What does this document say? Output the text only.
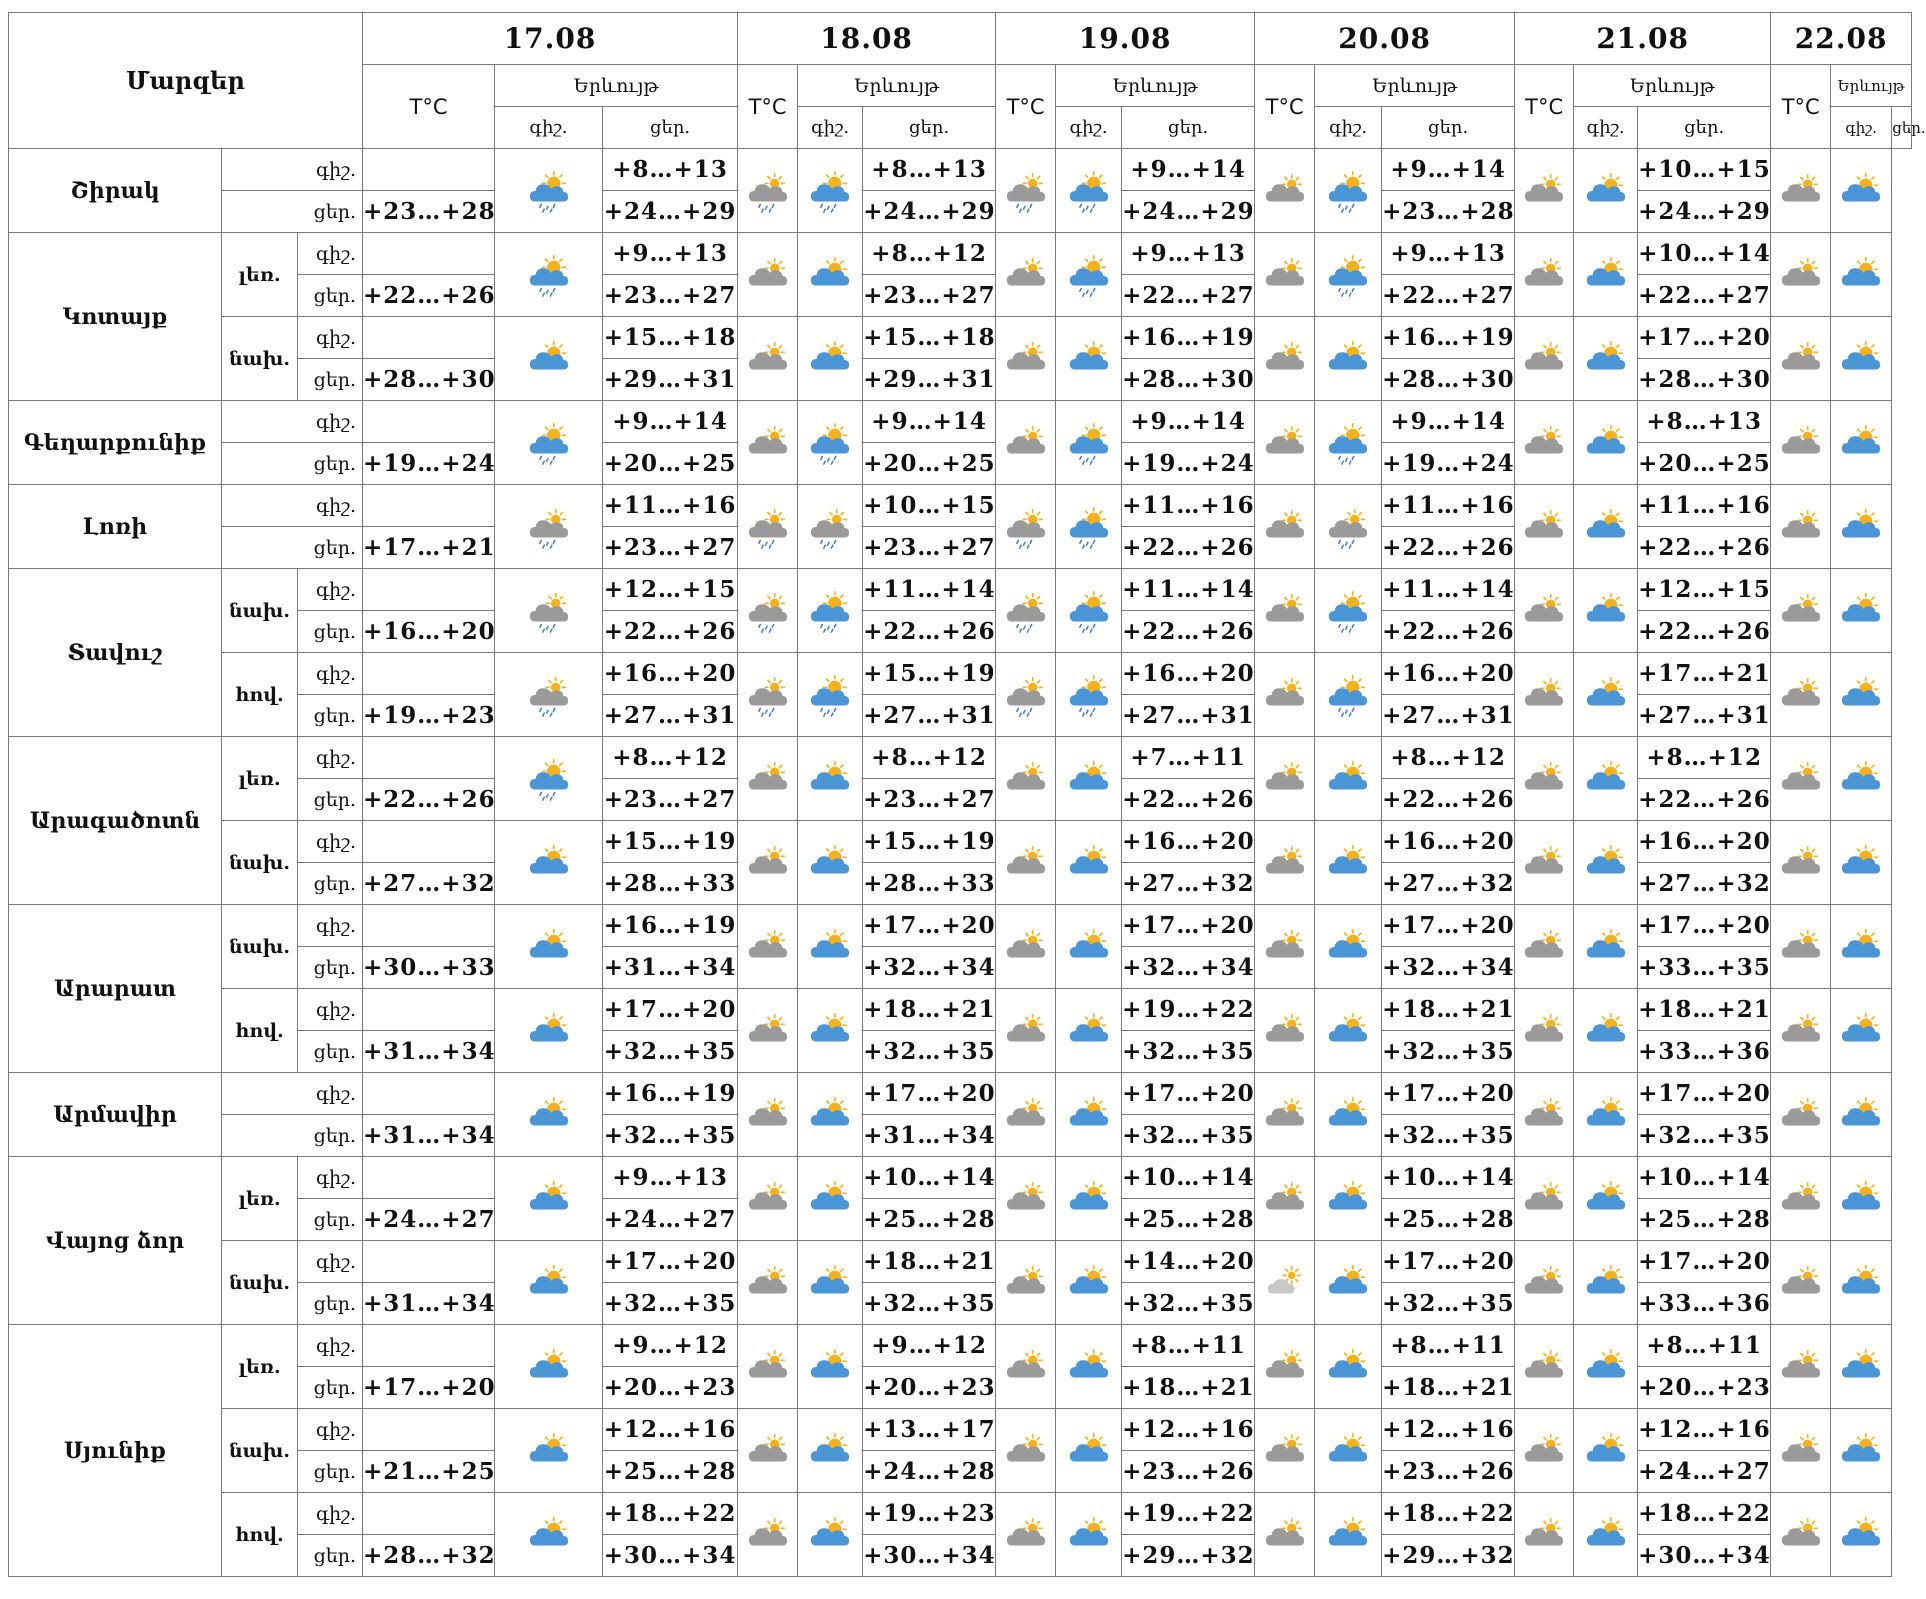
Մարզեր			17.08			18.08			19.08			20.08			21.08			22.08		
			T°C	Երևույթ		T°C	Երևույթ		T°C	Երևույթ		T°C	Երևույթ		T°C	Երևույթ		T°C	Երևույթ	
				գիշ.	ցեր.		գիշ.	ցեր.		գիշ.	ցեր.		գիշ.	ցեր.		գիշ.	ցեր.		գիշ.	ցեր.
Շիրակ	գիշ.				+8…+13			+8…+13			+9…+14			+9…+14			+10…+15	

	ցեր.		+23…+28		+24…+29			+24…+29			+24…+29			+23…+28			+24…+29			
Կոտայք	լեռ.	գիշ.			+9…+13			+8…+12			+9…+13			+9…+13			+10…+14	

		ցեր.	+22…+26		+23…+27			+23…+27			+22…+27			+22…+27			+22…+27			
	նախ.	գիշ.			+15…+18			+15…+18			+16…+19			+16…+19			+17…+20	

		ցեր.	+28…+30		+29…+31			+29…+31			+28…+30			+28…+30			+28…+30			
Գեղարքունիք	գիշ.				+9…+14			+9…+14			+9…+14			+9…+14			+8…+13	

	ցեր.		+19…+24		+20…+25			+20…+25			+19…+24			+19…+24			+20…+25			
Լոռի	գիշ.				+11…+16			+10…+15			+11…+16			+11…+16			+11…+16	

	ցեր.		+17…+21		+23…+27			+23…+27			+22…+26			+22…+26			+22…+26			
Տավուշ	նախ.	գիշ.			+12…+15			+11…+14			+11…+14			+11…+14			+12…+15	

		ցեր.	+16…+20		+22…+26			+22…+26			+22…+26			+22…+26			+22…+26			
	հով.	գիշ.			+16…+20			+15…+19			+16…+20			+16…+20			+17…+21	

		ցեր.	+19…+23		+27…+31			+27…+31			+27…+31			+27…+31			+27…+31			
Արագածոտն	լեռ.	գիշ.			+8…+12			+8…+12			+7…+11			+8…+12			+8…+12	

		ցեր.	+22…+26		+23…+27			+23…+27			+22…+26			+22…+26			+22…+26			
	նախ.	գիշ.			+15…+19			+15…+19			+16…+20			+16…+20			+16…+20	

		ցեր.	+27…+32		+28…+33			+28…+33			+27…+32			+27…+32			+27…+32			
Արարատ	նախ.	գիշ.			+16…+19			+17…+20			+17…+20			+17…+20			+17…+20	

		ցեր.	+30…+33		+31…+34			+32…+34			+32…+34			+32…+34			+33…+35			
	հով.	գիշ.			+17…+20			+18…+21			+19…+22			+18…+21			+18…+21	

		ցեր.	+31…+34		+32…+35			+32…+35			+32…+35			+32…+35			+33…+36			
Արմավիր	գիշ.				+16…+19			+17…+20			+17…+20			+17…+20			+17…+20	

	ցեր.		+31…+34		+32…+35			+31…+34			+32…+35			+32…+35			+32…+35			
Վայոց ձոր	լեռ.	գիշ.			+9…+13			+10…+14			+10…+14			+10…+14			+10…+14	

		ցեր.	+24…+27		+24…+27			+25…+28			+25…+28			+25…+28			+25…+28			
	նախ.	գիշ.			+17…+20			+18…+21			+14…+20			+17…+20			+17…+20	

		ցեր.	+31…+34		+32…+35			+32…+35			+32…+35			+32…+35			+33…+36			
Սյունիք	լեռ.	գիշ.			+9…+12			+9…+12			+8…+11			+8…+11			+8…+11	

		ցեր.	+17…+20		+20…+23			+20…+23			+18…+21			+18…+21			+20…+23			
	նախ.	գիշ.			+12…+16			+13…+17			+12…+16			+12…+16			+12…+16	

		ցեր.	+21…+25		+25…+28			+24…+28			+23…+26			+23…+26			+24…+27			
	հով.	գիշ.			+18…+22			+19…+23			+19…+22			+18…+22			+18…+22	

		ցեր.	+28…+32		+30…+34			+30…+34			+29…+32			+29…+32			+30…+34			
